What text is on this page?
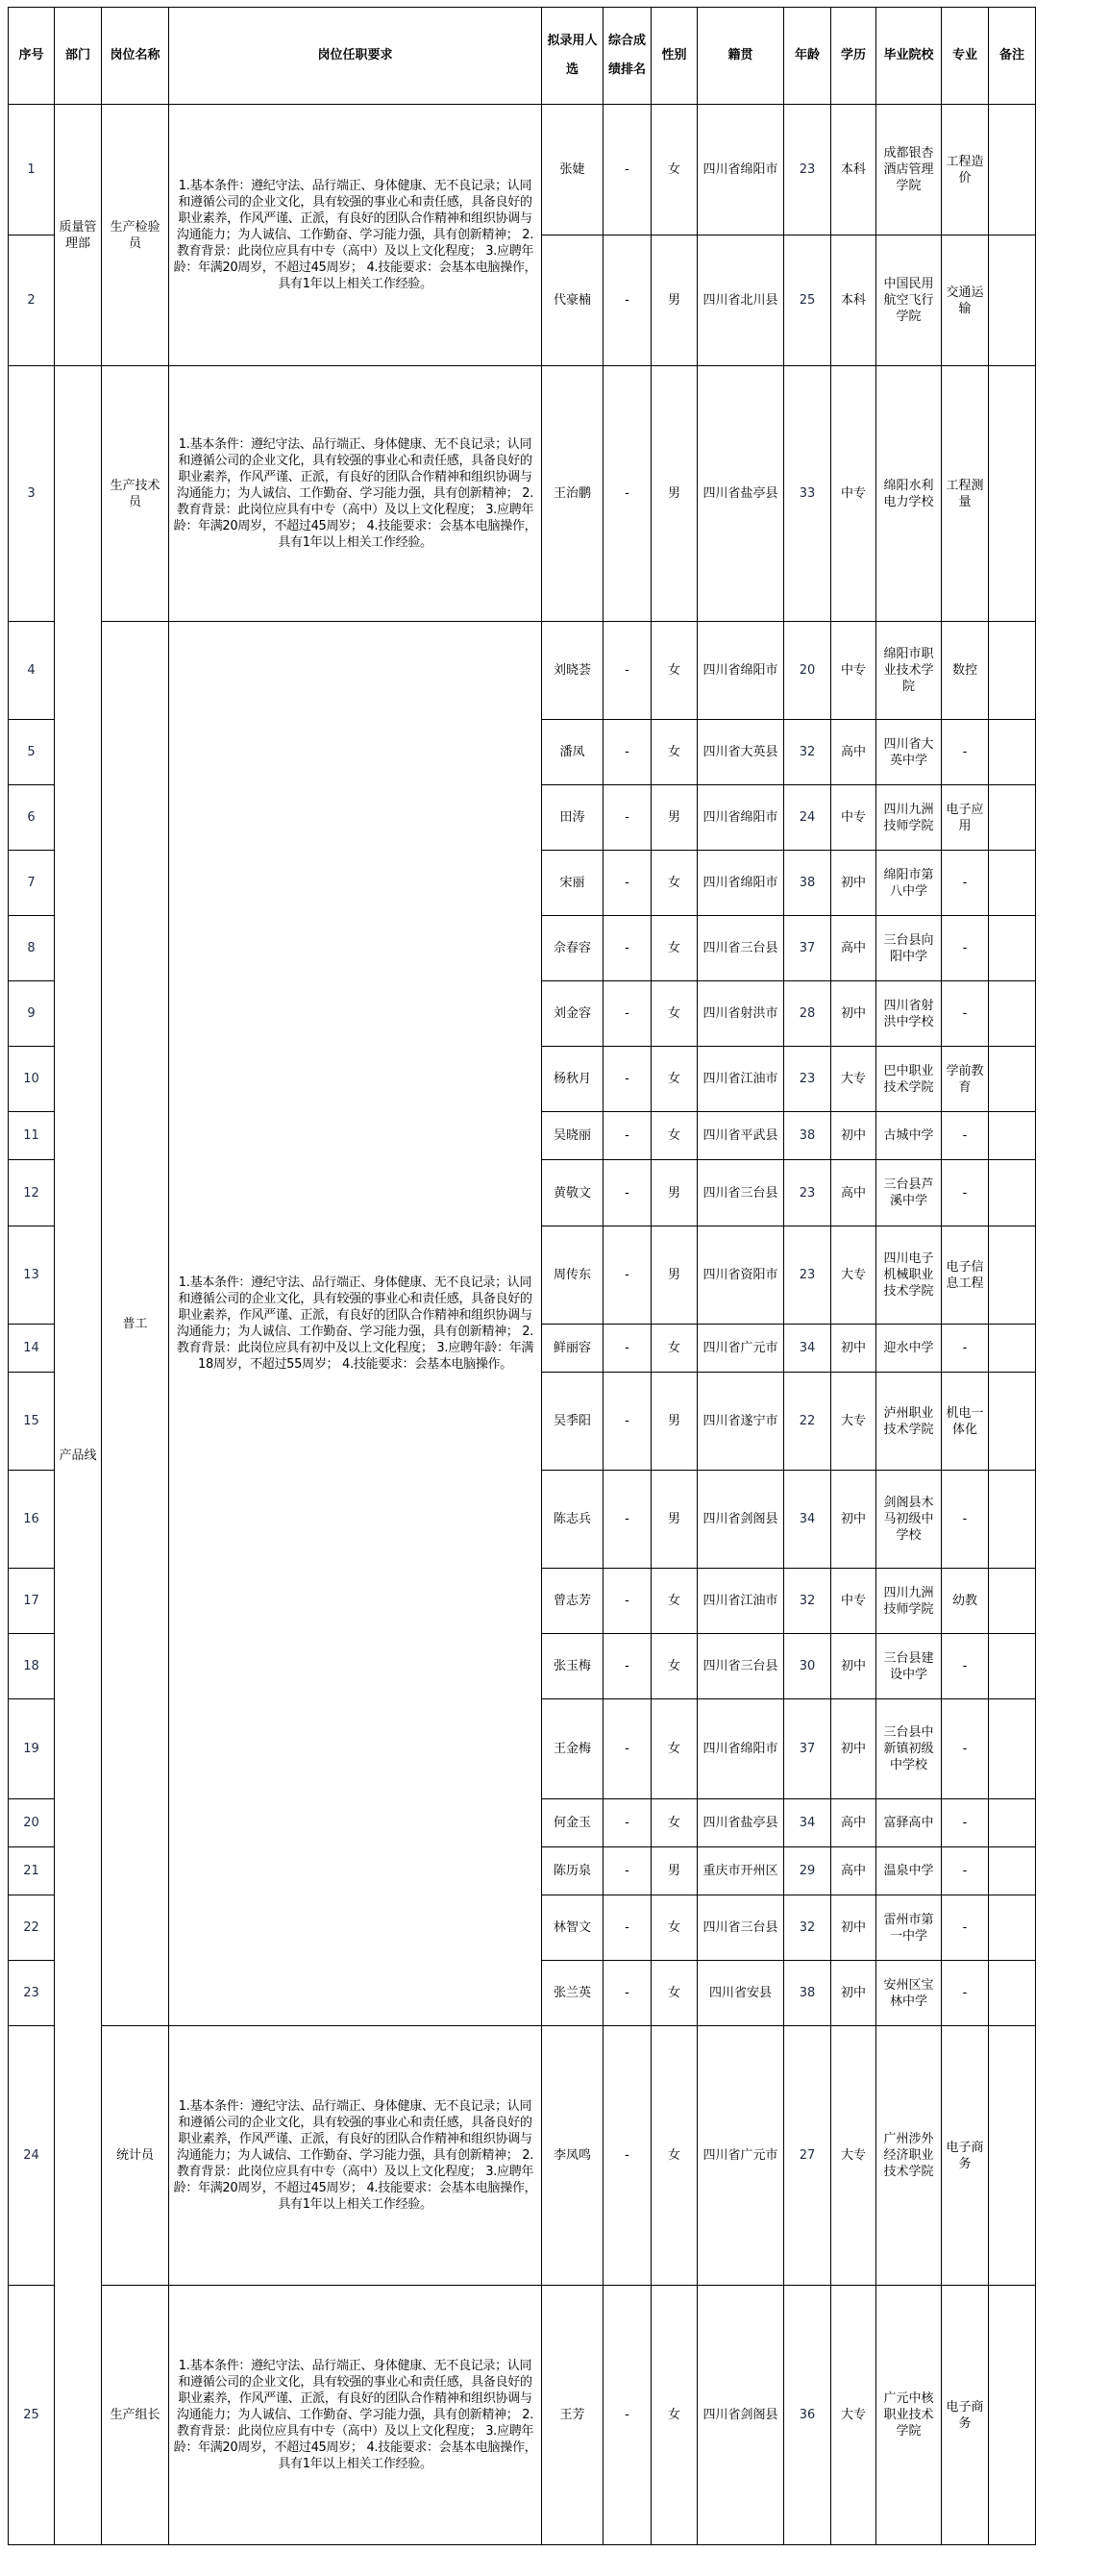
序号	部门	岗位名称	岗位任职要求	拟录用人选	综合成绩排名	性别	籍贯	年龄	学历	毕业院校	专业	备注
1	质量管理部	生产检验员	1.基本条件：遵纪守法、品行端正、身体健康、无不良记录；认同和遵循公司的企业文化，具有较强的事业心和责任感，具备良好的职业素养，作风严谨、正派，有良好的团队合作精神和组织协调与沟通能力；为人诚信、工作勤奋、学习能力强，具有创新精神； 2.教育背景：此岗位应具有中专（高中）及以上文化程度； 3.应聘年龄：年满20周岁，不超过45周岁； 4.技能要求：会基本电脑操作，具有1年以上相关工作经验。	张婕	-	女	四川省绵阳市	23	本科	成都银杏酒店管理学院	工程造价	
2				代豪楠	-	男	四川省北川县	25	本科	中国民用航空飞行学院	交通运输	
3	产品线	生产技术员	1.基本条件：遵纪守法、品行端正、身体健康、无不良记录；认同和遵循公司的企业文化，具有较强的事业心和责任感，具备良好的职业素养，作风严谨、正派，有良好的团队合作精神和组织协调与沟通能力；为人诚信、工作勤奋、学习能力强，具有创新精神； 2.教育背景：此岗位应具有中专（高中）及以上文化程度； 3.应聘年龄：年满20周岁，不超过45周岁； 4.技能要求：会基本电脑操作，具有1年以上相关工作经验。	王治鹏	-	男	四川省盐亭县	33	中专	绵阳水利电力学校	工程测量	
4		普工	1.基本条件：遵纪守法、品行端正、身体健康、无不良记录；认同和遵循公司的企业文化，具有较强的事业心和责任感，具备良好的职业素养，作风严谨、正派，有良好的团队合作精神和组织协调与沟通能力；为人诚信、工作勤奋、学习能力强，具有创新精神； 2.教育背景：此岗位应具有初中及以上文化程度； 3.应聘年龄：年满18周岁，不超过55周岁； 4.技能要求：会基本电脑操作。	刘晓荟	-	女	四川省绵阳市	20	中专	绵阳市职业技术学院	数控	
5				潘凤	-	女	四川省大英县	32	高中	四川省大英中学	-	
6				田涛	-	男	四川省绵阳市	24	中专	四川九洲技师学院	电子应用	
7				宋丽	-	女	四川省绵阳市	38	初中	绵阳市第八中学	-	
8				佘春容	-	女	四川省三台县	37	高中	三台县向阳中学	-	
9				刘金容	-	女	四川省射洪市	28	初中	四川省射洪中学校	-	
10				杨秋月	-	女	四川省江油市	23	大专	巴中职业技术学院	学前教育	
11				吴晓丽	-	女	四川省平武县	38	初中	古城中学	-	
12				黄敬文	-	男	四川省三台县	23	高中	三台县芦溪中学	-	
13				周传东	-	男	四川省资阳市	23	大专	四川电子机械职业技术学院	电子信息工程	
14				鲜丽容	-	女	四川省广元市	34	初中	迎水中学	-	
15				吴季阳	-	男	四川省遂宁市	22	大专	泸州职业技术学院	机电一体化	
16				陈志兵	-	男	四川省剑阁县	34	初中	剑阁县木马初级中学校	-	
17				曾志芳	-	女	四川省江油市	32	中专	四川九洲技师学院	幼教	
18				张玉梅	-	女	四川省三台县	30	初中	三台县建设中学	-	
19				王金梅	-	女	四川省绵阳市	37	初中	三台县中新镇初级中学校	-	
20				何金玉	-	女	四川省盐亭县	34	高中	富驿高中	-	
21				陈历泉	-	男	重庆市开州区	29	高中	温泉中学	-	
22				林智文	-	女	四川省三台县	32	初中	雷州市第一中学	-	
23				张兰英	-	女	四川省安县	38	初中	安州区宝林中学	-	
24		统计员	1.基本条件：遵纪守法、品行端正、身体健康、无不良记录；认同和遵循公司的企业文化，具有较强的事业心和责任感，具备良好的职业素养，作风严谨、正派，有良好的团队合作精神和组织协调与沟通能力；为人诚信、工作勤奋、学习能力强，具有创新精神； 2.教育背景：此岗位应具有中专（高中）及以上文化程度； 3.应聘年龄：年满20周岁，不超过45周岁； 4.技能要求：会基本电脑操作，具有1年以上相关工作经验。	李凤鸣	-	女	四川省广元市	27	大专	广州涉外经济职业技术学院	电子商务	
25		生产组长	1.基本条件：遵纪守法、品行端正、身体健康、无不良记录；认同和遵循公司的企业文化，具有较强的事业心和责任感，具备良好的职业素养，作风严谨、正派，有良好的团队合作精神和组织协调与沟通能力；为人诚信、工作勤奋、学习能力强，具有创新精神； 2.教育背景：此岗位应具有中专（高中）及以上文化程度； 3.应聘年龄：年满20周岁，不超过45周岁； 4.技能要求：会基本电脑操作，具有1年以上相关工作经验。	王芳	-	女	四川省剑阁县	36	大专	广元中核职业技术学院	电子商务	
